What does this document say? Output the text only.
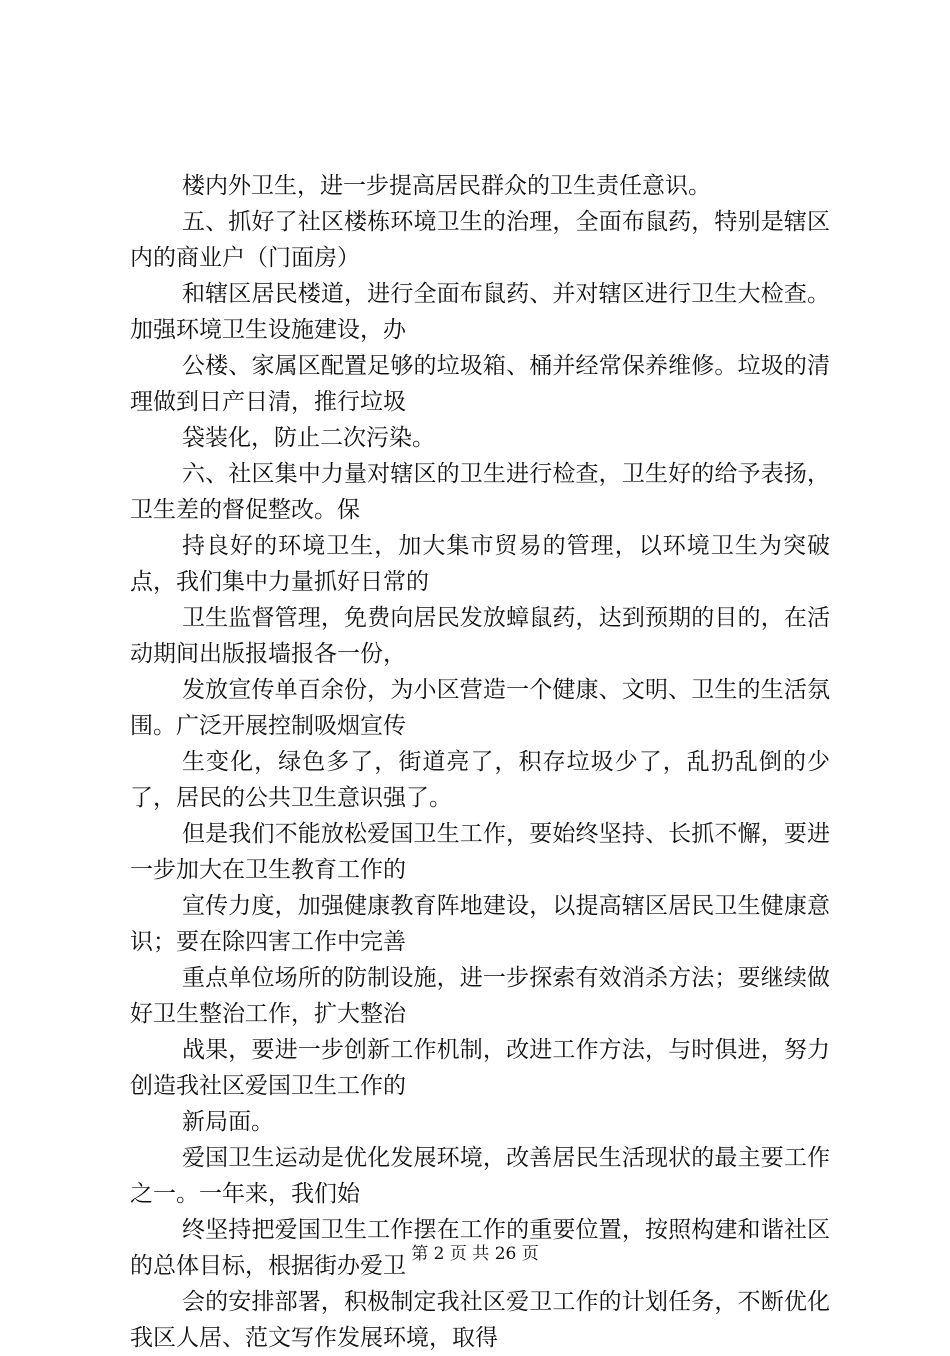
楼内外卫生，进一步提高居民群众的卫生责任意识。

五、抓好了社区楼栋环境卫生的治理，全面布鼠药，特别是辖区内的商业户（门面房）

和辖区居民楼道，进行全面布鼠药、并对辖区进行卫生大检查。加强环境卫生设施建设，办

公楼、家属区配置足够的垃圾箱、桶并经常保养维修。垃圾的清理做到日产日清，推行垃圾

袋装化，防止二次污染。

六、社区集中力量对辖区的卫生进行检查，卫生好的给予表扬，卫生差的督促整改。保

持良好的环境卫生，加大集市贸易的管理，以环境卫生为突破点，我们集中力量抓好日常的

卫生监督管理，免费向居民发放蟑鼠药，达到预期的目的，在活动期间出版报墙报各一份，

发放宣传单百余份，为小区营造一个健康、文明、卫生的生活氛围。广泛开展控制吸烟宣传

生变化，绿色多了，街道亮了，积存垃圾少了，乱扔乱倒的少了，居民的公共卫生意识强了。

但是我们不能放松爱国卫生工作，要始终坚持、长抓不懈，要进一步加大在卫生教育工作的

宣传力度，加强健康教育阵地建设，以提高辖区居民卫生健康意识；要在除四害工作中完善

重点单位场所的防制设施，进一步探索有效消杀方法；要继续做好卫生整治工作，扩大整治

战果，要进一步创新工作机制，改进工作方法，与时俱进，努力创造我社区爱国卫生工作的

新局面。

爱国卫生运动是优化发展环境，改善居民生活现状的最主要工作之一。一年来，我们始

终坚持把爱国卫生工作摆在工作的重要位置，按照构建和谐社区的总体目标，根据街办爱卫

会的安排部署，积极制定我社区爱卫工作的计划任务，不断优化我区人居、范文写作发展环境，取得

第 2 页 共 26 页
